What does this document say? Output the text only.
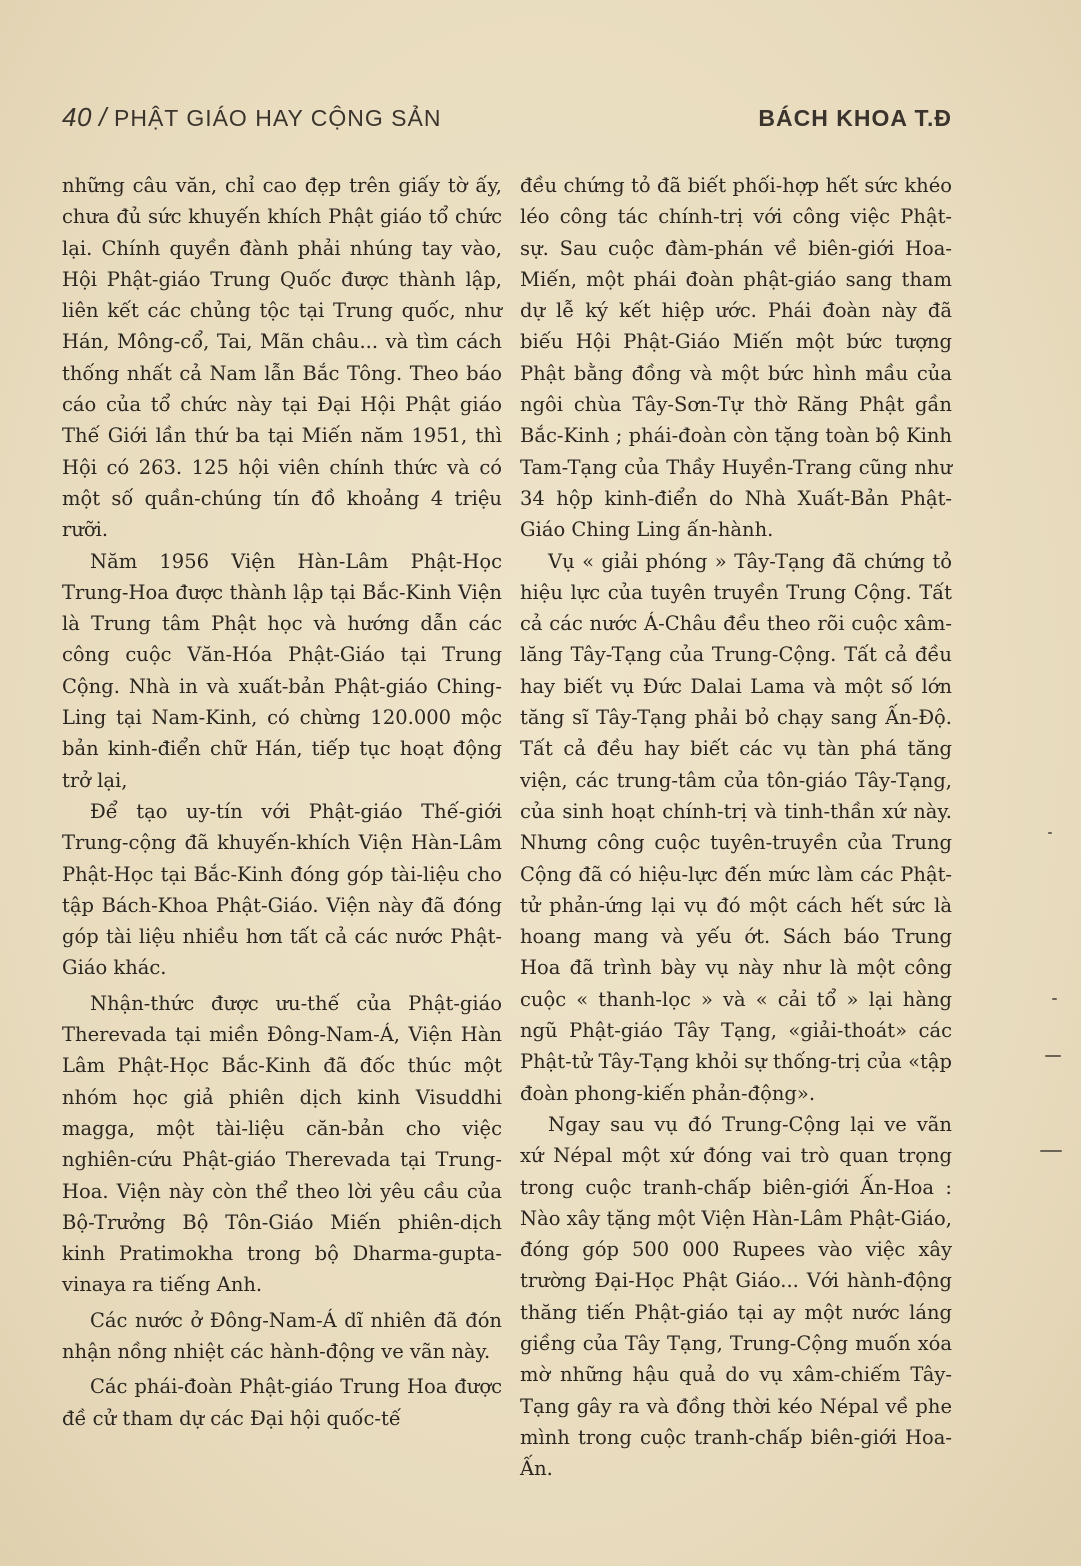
40 / PHẬT GIÁO HAY CỘNG SẢN	BÁCH KHOA T.Đ

những câu văn, chỉ cao đẹp trên giấy tờ ấy, chưa đủ sức khuyến khích Phật giáo tổ chức lại. Chính quyền đành phải nhúng tay vào, Hội Phật-giáo Trung Quốc được thành lập, liên kết các chủng tộc tại Trung quốc, như Hán, Mông-cổ, Tai, Mãn châu... và tìm cách thống nhất cả Nam lẫn Bắc Tông. Theo báo cáo của tổ chức này tại Đại Hội Phật giáo Thế Giới lần thứ ba tại Miến năm 1951, thì Hội có 263. 125 hội viên chính thức và có một số quần-chúng tín đồ khoảng 4 triệu rưỡi.

Năm 1956 Viện Hàn-Lâm Phật-Học Trung-Hoa được thành lập tại Bắc-Kinh Viện là Trung tâm Phật học và hướng dẫn các công cuộc Văn-Hóa Phật-Giáo tại Trung Cộng. Nhà in và xuất-bản Phật-giáo Ching-Ling tại Nam-Kinh, có chừng 120.000 mộc bản kinh-điển chữ Hán, tiếp tục hoạt động trở lại,

Để tạo uy-tín với Phật-giáo Thế-giới Trung-cộng đã khuyến-khích Viện Hàn-Lâm Phật-Học tại Bắc-Kinh đóng góp tài-liệu cho tập Bách-Khoa Phật-Giáo. Viện này đã đóng góp tài liệu nhiều hơn tất cả các nước Phật-Giáo khác.

Nhận-thức được ưu-thế của Phật-giáo Therevada tại miền Đông-Nam-Á, Viện Hàn Lâm Phật-Học Bắc-Kinh đã đốc thúc một nhóm học giả phiên dịch kinh Visuddhi magga, một tài-liệu căn-bản cho việc nghiên-cứu Phật-giáo Therevada tại Trung-Hoa. Viện này còn thể theo lời yêu cầu của Bộ-Trưởng Bộ Tôn-Giáo Miến phiên-dịch kinh Pratimokha trong bộ Dharma-gupta-vinaya ra tiếng Anh.

Các nước ở Đông-Nam-Á dĩ nhiên đã đón nhận nồng nhiệt các hành-động ve vãn này.

Các phái-đoàn Phật-giáo Trung Hoa được đề cử tham dự các Đại hội quốc-tế

đều chứng tỏ đã biết phối-hợp hết sức khéo léo công tác chính-trị với công việc Phật-sự. Sau cuộc đàm-phán về biên-giới Hoa-Miến, một phái đoàn phật-giáo sang tham dự lễ ký kết hiệp ước. Phái đoàn này đã biếu Hội Phật-Giáo Miến một bức tượng Phật bằng đồng và một bức hình mầu của ngôi chùa Tây-Sơn-Tự thờ Răng Phật gần Bắc-Kinh ; phái-đoàn còn tặng toàn bộ Kinh Tam-Tạng của Thầy Huyền-Trang cũng như 34 hộp kinh-điển do Nhà Xuất-Bản Phật-Giáo Ching Ling ấn-hành.

Vụ « giải phóng » Tây-Tạng đã chứng tỏ hiệu lực của tuyên truyền Trung Cộng. Tất cả các nước Á-Châu đều theo rõi cuộc xâm-lăng Tây-Tạng của Trung-Cộng. Tất cả đều hay biết vụ Đức Dalai Lama và một số lớn tăng sĩ Tây-Tạng phải bỏ chạy sang Ấn-Độ. Tất cả đều hay biết các vụ tàn phá tăng viện, các trung-tâm của tôn-giáo Tây-Tạng, của sinh hoạt chính-trị và tinh-thần xứ này. Nhưng công cuộc tuyên-truyền của Trung Cộng đã có hiệu-lực đến mức làm các Phật-tử phản-ứng lại vụ đó một cách hết sức là hoang mang và yếu ớt. Sách báo Trung Hoa đã trình bày vụ này như là một công cuộc « thanh-lọc » và « cải tổ » lại hàng ngũ Phật-giáo Tây Tạng, «giải-thoát» các Phật-tử Tây-Tạng khỏi sự thống-trị của «tập đoàn phong-kiến phản-động».

Ngay sau vụ đó Trung-Cộng lại ve vãn xứ Népal một xứ đóng vai trò quan trọng trong cuộc tranh-chấp biên-giới Ấn-Hoa : Nào xây tặng một Viện Hàn-Lâm Phật-Giáo, đóng góp 500 000 Rupees vào việc xây trường Đại-Học Phật Giáo... Với hành-động thăng tiến Phật-giáo tại ay một nước láng giềng của Tây Tạng, Trung-Cộng muốn xóa mờ những hậu quả do vụ xâm-chiếm Tây-Tạng gây ra và đồng thời kéo Népal về phe mình trong cuộc tranh-chấp biên-giới Hoa-Ấn.
